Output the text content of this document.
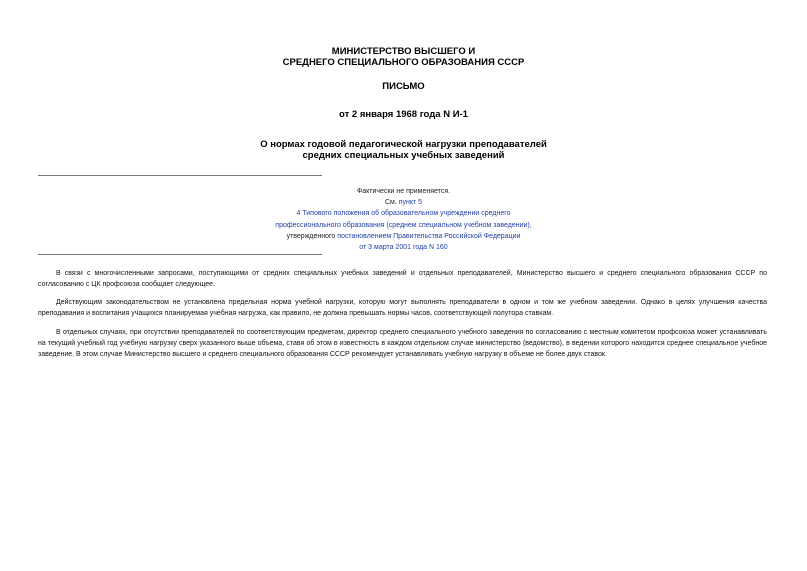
МИНИСТЕРСТВО ВЫСШЕГО И
СРЕДНЕГО СПЕЦИАЛЬНОГО ОБРАЗОВАНИЯ СССР
ПИСЬМО
от 2 января 1968 года N И-1
О нормах годовой педагогической нагрузки преподавателей
средних специальных учебных заведений
Фактически не применяется.
См. пункт 5
4 Типового положения об образовательном учреждении среднего
профессионального образования (среднем специальном учебном заведении),
утвержденного постановлением Правительства Российской Федерации
от 3 марта 2001 года N 160

В связи с многочисленными запросами, поступающими от средних специальных учебных заведений и отдельных преподавателей, Министерство высшего и среднего специального образования СССР по согласованию с ЦК профсоюза сообщает следующее.

Действующим законодательством не установлена предельная норма учебной нагрузки, которую могут выполнять преподаватели в одном и том же учебном заведении. Однако в целях улучшения качества преподавания и воспитания учащихся планируемая учебная нагрузка, как правило, не должна превышать нормы часов, соответствующей полутора ставкам.

В отдельных случаях, при отсутствии преподавателей по соответствующим предметам, директор среднего специального учебного заведения по согласованию с местным комитетом профсоюза может устанавливать на текущий учебный год учебную нагрузку сверх указанного выше объема, ставя об этом в известность в каждом отдельном случае министерство (ведомство), в ведении которого находится среднее специальное учебное заведение. В этом случае Министерство высшего и среднего специального образования СССР рекомендует устанавливать учебную нагрузку в объеме не более двух ставок.
